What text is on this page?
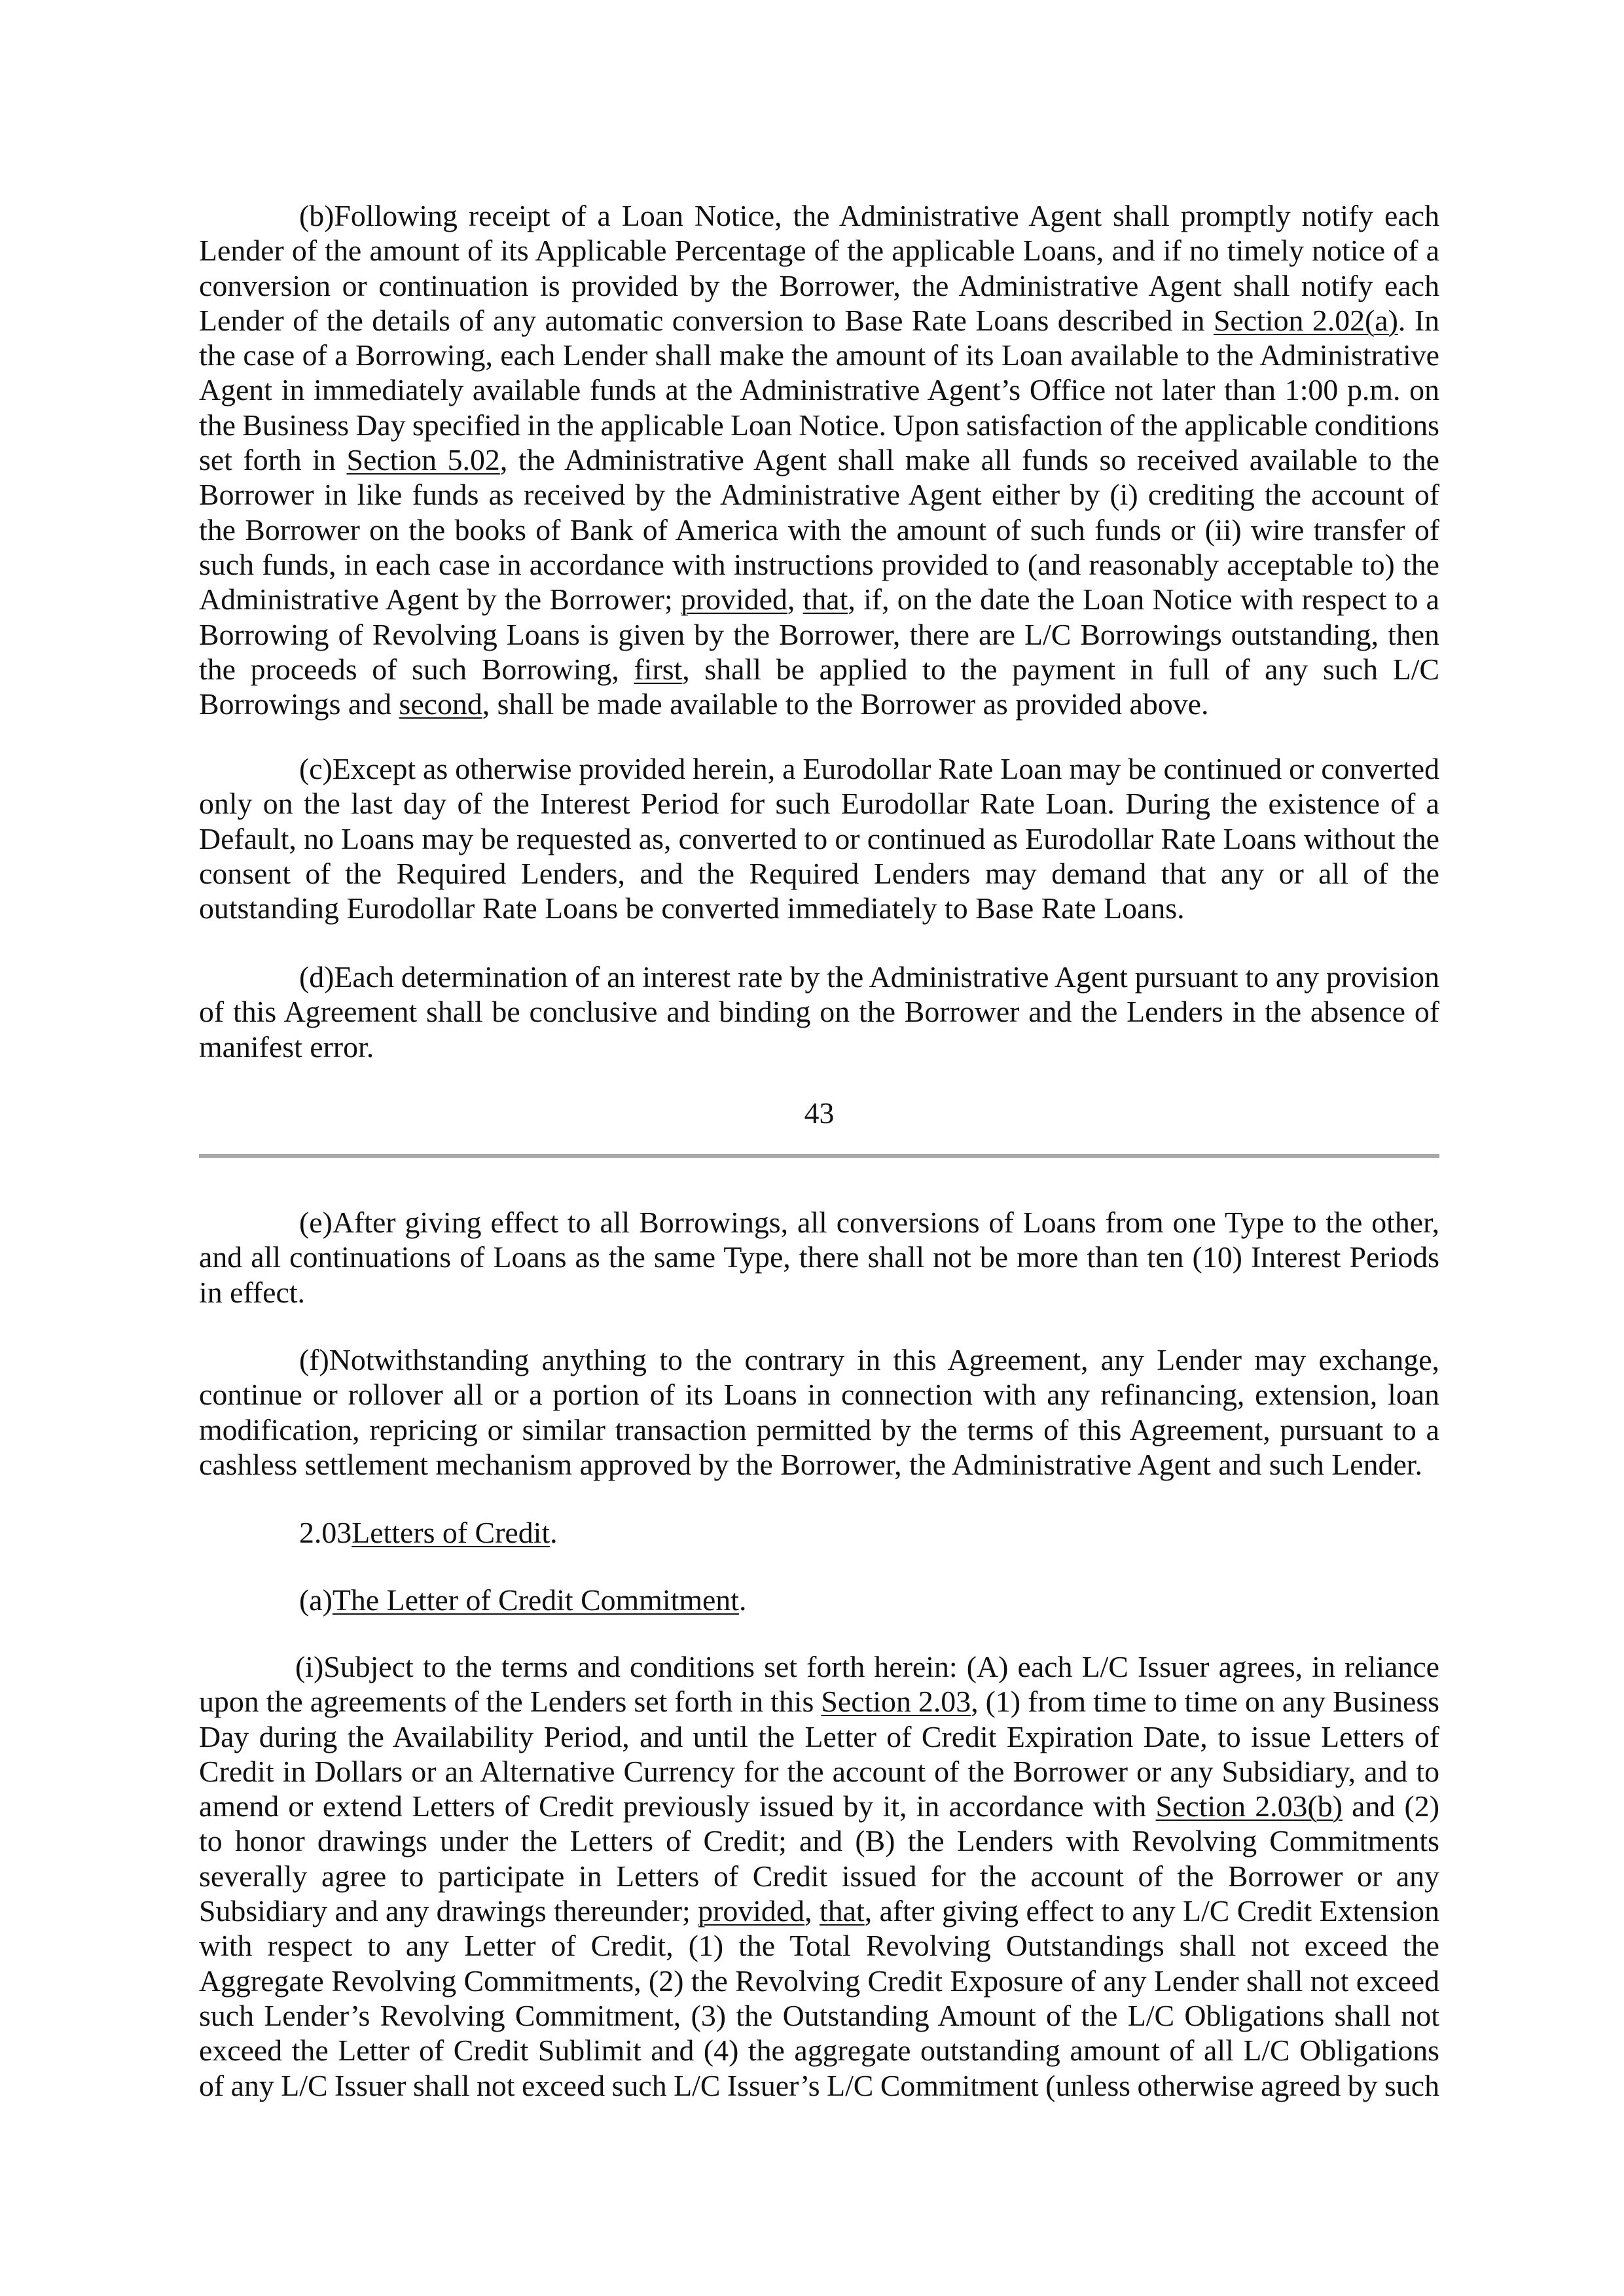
(b)Following receipt of a Loan Notice, the Administrative Agent shall promptly notify each
Lender of the amount of its Applicable Percentage of the applicable Loans, and if no timely notice of a
conversion or continuation is provided by the Borrower, the Administrative Agent shall notify each
Lender of the details of any automatic conversion to Base Rate Loans described in Section 2.02(a). In
the case of a Borrowing, each Lender shall make the amount of its Loan available to the Administrative
Agent in immediately available funds at the Administrative Agent’s Office not later than 1:00 p.m. on
the Business Day specified in the applicable Loan Notice. Upon satisfaction of the applicable conditions
set forth in Section 5.02, the Administrative Agent shall make all funds so received available to the
Borrower in like funds as received by the Administrative Agent either by (i) crediting the account of
the Borrower on the books of Bank of America with the amount of such funds or (ii) wire transfer of
such funds, in each case in accordance with instructions provided to (and reasonably acceptable to) the
Administrative Agent by the Borrower; provided, that, if, on the date the Loan Notice with respect to a
Borrowing of Revolving Loans is given by the Borrower, there are L/C Borrowings outstanding, then
the proceeds of such Borrowing, first, shall be applied to the payment in full of any such L/C
Borrowings and second, shall be made available to the Borrower as provided above.
(c)Except as otherwise provided herein, a Eurodollar Rate Loan may be continued or converted
only on the last day of the Interest Period for such Eurodollar Rate Loan. During the existence of a
Default, no Loans may be requested as, converted to or continued as Eurodollar Rate Loans without the
consent of the Required Lenders, and the Required Lenders may demand that any or all of the
outstanding Eurodollar Rate Loans be converted immediately to Base Rate Loans.
(d)Each determination of an interest rate by the Administrative Agent pursuant to any provision
of this Agreement shall be conclusive and binding on the Borrower and the Lenders in the absence of
manifest error.
43
(e)After giving effect to all Borrowings, all conversions of Loans from one Type to the other,
and all continuations of Loans as the same Type, there shall not be more than ten (10) Interest Periods
in effect.
(f)Notwithstanding anything to the contrary in this Agreement, any Lender may exchange,
continue or rollover all or a portion of its Loans in connection with any refinancing, extension, loan
modification, repricing or similar transaction permitted by the terms of this Agreement, pursuant to a
cashless settlement mechanism approved by the Borrower, the Administrative Agent and such Lender.
2.03Letters of Credit.
(a)The Letter of Credit Commitment.
(i)Subject to the terms and conditions set forth herein: (A) each L/C Issuer agrees, in reliance
upon the agreements of the Lenders set forth in this Section 2.03, (1) from time to time on any Business
Day during the Availability Period, and until the Letter of Credit Expiration Date, to issue Letters of
Credit in Dollars or an Alternative Currency for the account of the Borrower or any Subsidiary, and to
amend or extend Letters of Credit previously issued by it, in accordance with Section 2.03(b) and (2)
to honor drawings under the Letters of Credit; and (B) the Lenders with Revolving Commitments
severally agree to participate in Letters of Credit issued for the account of the Borrower or any
Subsidiary and any drawings thereunder; provided, that, after giving effect to any L/C Credit Extension
with respect to any Letter of Credit, (1) the Total Revolving Outstandings shall not exceed the
Aggregate Revolving Commitments, (2) the Revolving Credit Exposure of any Lender shall not exceed
such Lender’s Revolving Commitment, (3) the Outstanding Amount of the L/C Obligations shall not
exceed the Letter of Credit Sublimit and (4) the aggregate outstanding amount of all L/C Obligations
of any L/C Issuer shall not exceed such L/C Issuer’s L/C Commitment (unless otherwise agreed by such
